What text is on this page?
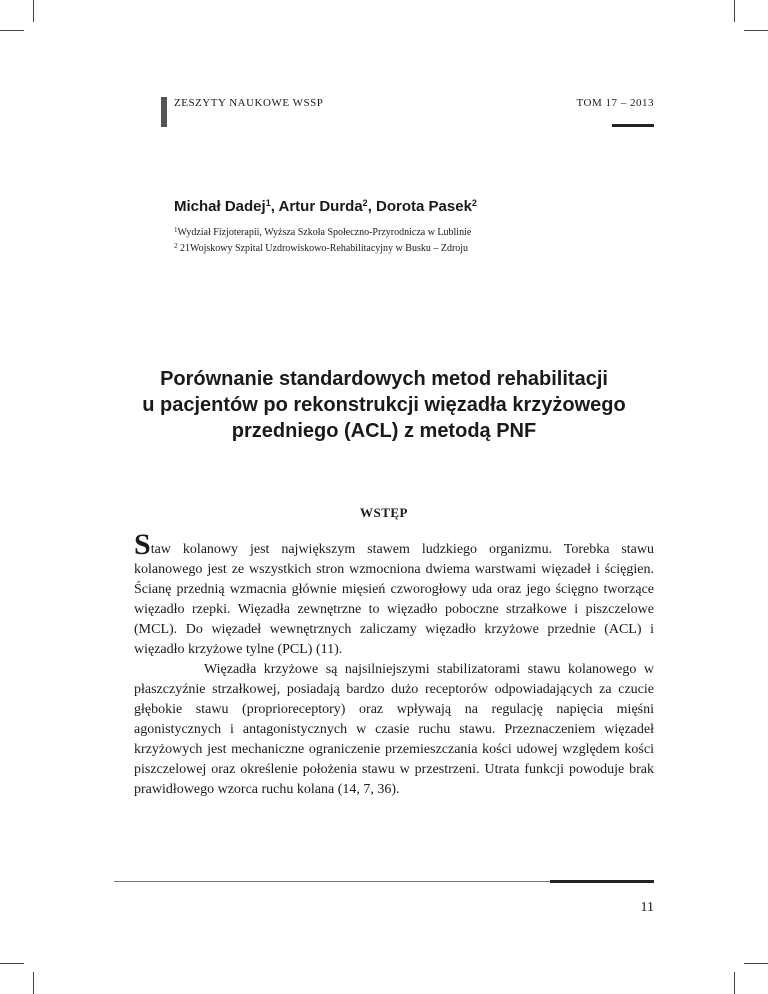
ZESZYTY NAUKOWE WSSP	TOM 17 – 2013
Michał Dadej$^1$, Artur Durda$^2$, Dorota Pasek$^2$
$^1$Wydział Fizjoterapii, Wyższa Szkoła Społeczno-Przyrodnicza w Lublinie
$^2$ 21Wojskowy Szpital Uzdrowiskowo-Rehabilitacyjny w Busku – Zdroju
Porównanie standardowych metod rehabilitacji
u pacjentów po rekonstrukcji więzadła krzyżowego
przedniego (ACL) z metodą PNF
WSTĘP

Staw kolanowy jest największym stawem ludzkiego organizmu. Torebka stawu kolanowego jest ze wszystkich stron wzmocniona dwiema warstwami więzadeł i ścięgien. Ścianę przednią wzmacnia głównie mięsień czworogłowy uda oraz jego ścięgno tworzące więzadło rzepki. Więzadła zewnętrzne to więzadło poboczne strzałkowe i piszczelowe (MCL). Do więzadeł wewnętrznych zaliczamy więzadło krzyżowe przednie (ACL) i więzadło krzyżowe tylne (PCL) (11).

Więzadła krzyżowe są najsilniejszymi stabilizatorami stawu kolanowego w płaszczyźnie strzałkowej, posiadają bardzo dużo receptorów odpowiadających za czucie głębokie stawu (proprioreceptory) oraz wpływają na regulację napięcia mięśni agonistycznych i antagonistycznych w czasie ruchu stawu. Przeznaczeniem więzadeł krzyżowych jest mechaniczne ograniczenie przemieszczania kości udowej względem kości piszczelowej oraz określenie położenia stawu w przestrzeni. Utrata funkcji powoduje brak prawidłowego wzorca ruchu kolana (14, 7, 36).

11
